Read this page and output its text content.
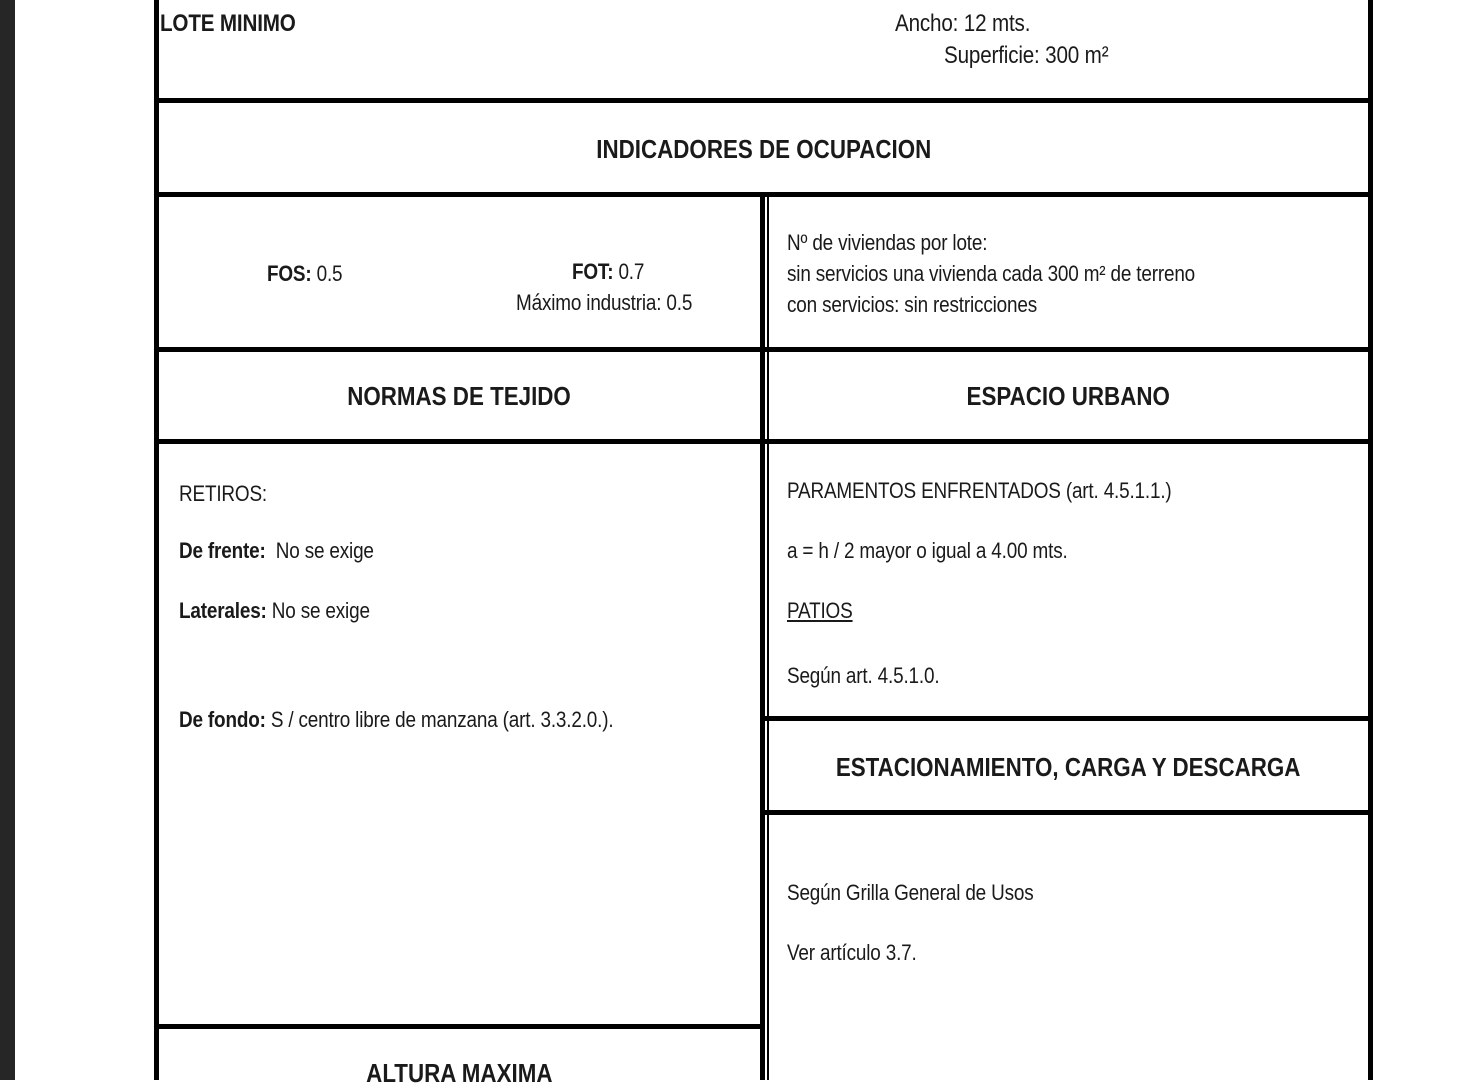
LOTE MINIMO	Ancho: 12 mts.
Superficie: 300 m²
INDICADORES DE OCUPACION
FOS: 0.5	FOT: 0.7
Máximo industria: 0.5
Nº de viviendas por lote:
sin servicios una vivienda cada 300 m² de terreno
con servicios: sin restricciones
NORMAS DE TEJIDO	ESPACIO URBANO
RETIROS:
De frente: No se exige
Laterales: No se exige
De fondo: S / centro libre de manzana (art. 3.3.2.0.).
PARAMENTOS ENFRENTADOS (art. 4.5.1.1.)
a = h / 2 mayor o igual a 4.00 mts.
PATIOS
Según art. 4.5.1.0.
ESTACIONAMIENTO, CARGA Y DESCARGA
Según Grilla General de Usos
Ver artículo 3.7.
ALTURA MAXIMA
